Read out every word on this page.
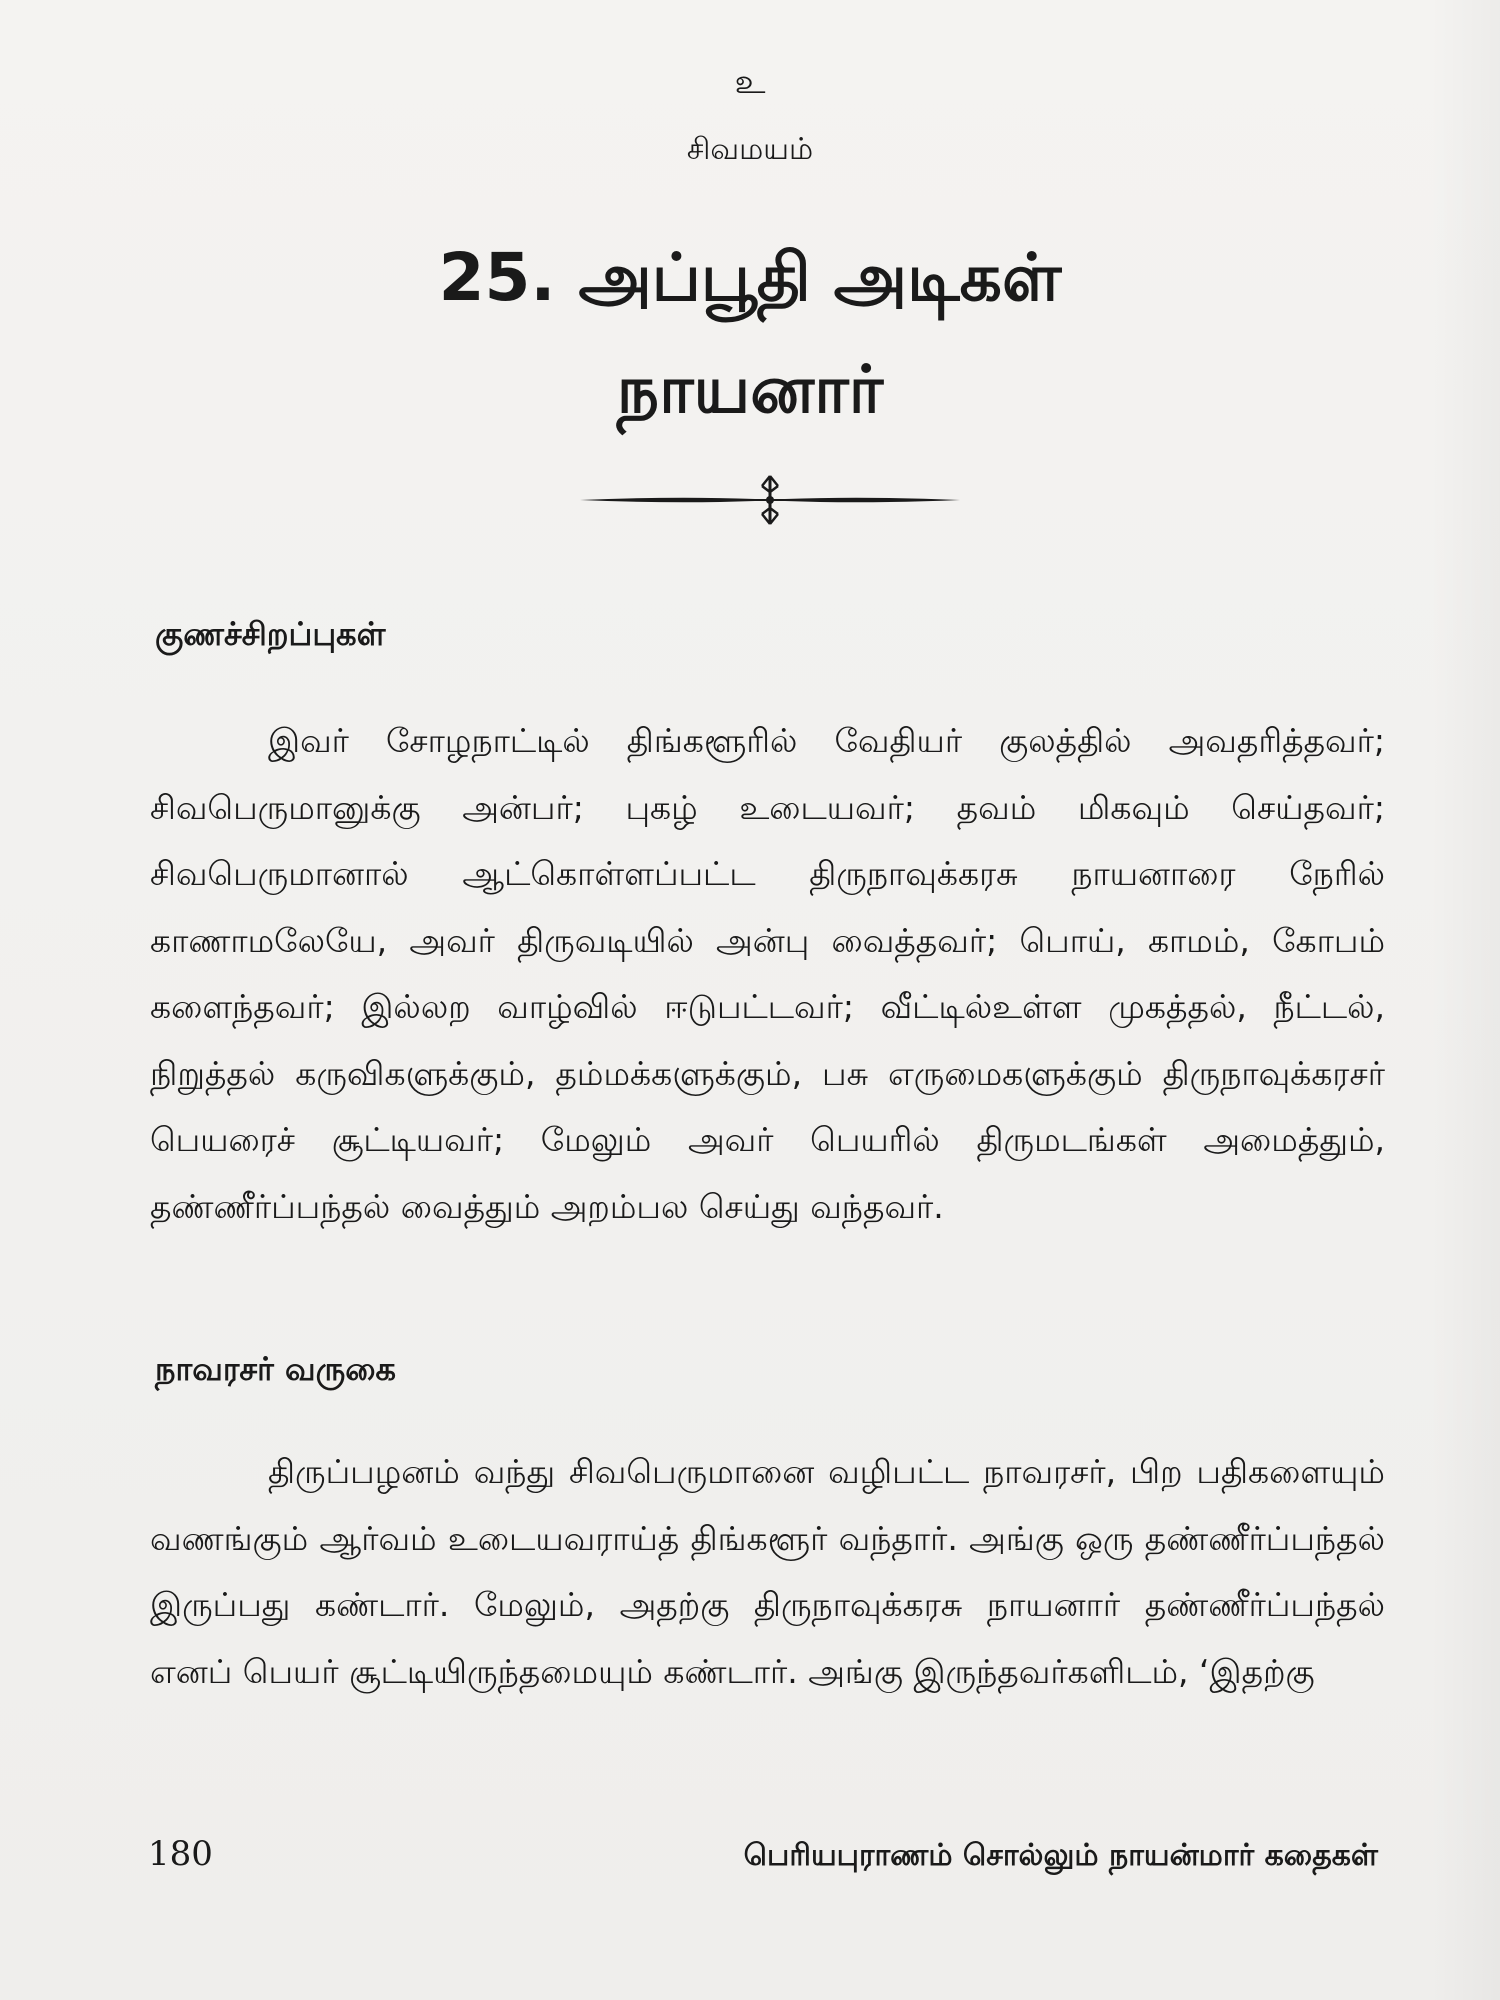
உ
சிவமயம்
25. அப்பூதி அடிகள்
நாயனார்
குணச்சிறப்புகள்

இவர் சோழநாட்டில் திங்களூரில் வேதியர் குலத்தில் அவதரித்தவர்; சிவபெருமானுக்கு அன்பர்; புகழ் உடையவர்; தவம் மிகவும் செய்தவர்; சிவபெருமானால் ஆட்கொள்ளப்பட்ட திருநாவுக்கரசு நாயனாரை நேரில் காணாமலேயே, அவர் திருவடியில் அன்பு வைத்தவர்; பொய், காமம், கோபம் களைந்தவர்; இல்லற வாழ்வில் ஈடுபட்டவர்; வீட்டில்உள்ள முகத்தல், நீட்டல், நிறுத்தல் கருவிகளுக்கும், தம்மக்களுக்கும், பசு எருமைகளுக்கும் திருநாவுக்கரசர் பெயரைச் சூட்டியவர்; மேலும் அவர் பெயரில் திருமடங்கள் அமைத்தும், தண்ணீர்ப்பந்தல் வைத்தும் அறம்பல செய்து வந்தவர்.

நாவரசர் வருகை

திருப்பழனம் வந்து சிவபெருமானை வழிபட்ட நாவரசர், பிற பதிகளையும் வணங்கும் ஆர்வம் உடையவராய்த் திங்களூர் வந்தார். அங்கு ஒரு தண்ணீர்ப்பந்தல் இருப்பது கண்டார். மேலும், அதற்கு திருநாவுக்கரசு நாயனார் தண்ணீர்ப்பந்தல் எனப் பெயர் சூட்டியிருந்தமையும் கண்டார். அங்கு இருந்தவர்களிடம், ‘இதற்கு

180	பெரியபுராணம் சொல்லும் நாயன்மார் கதைகள்
